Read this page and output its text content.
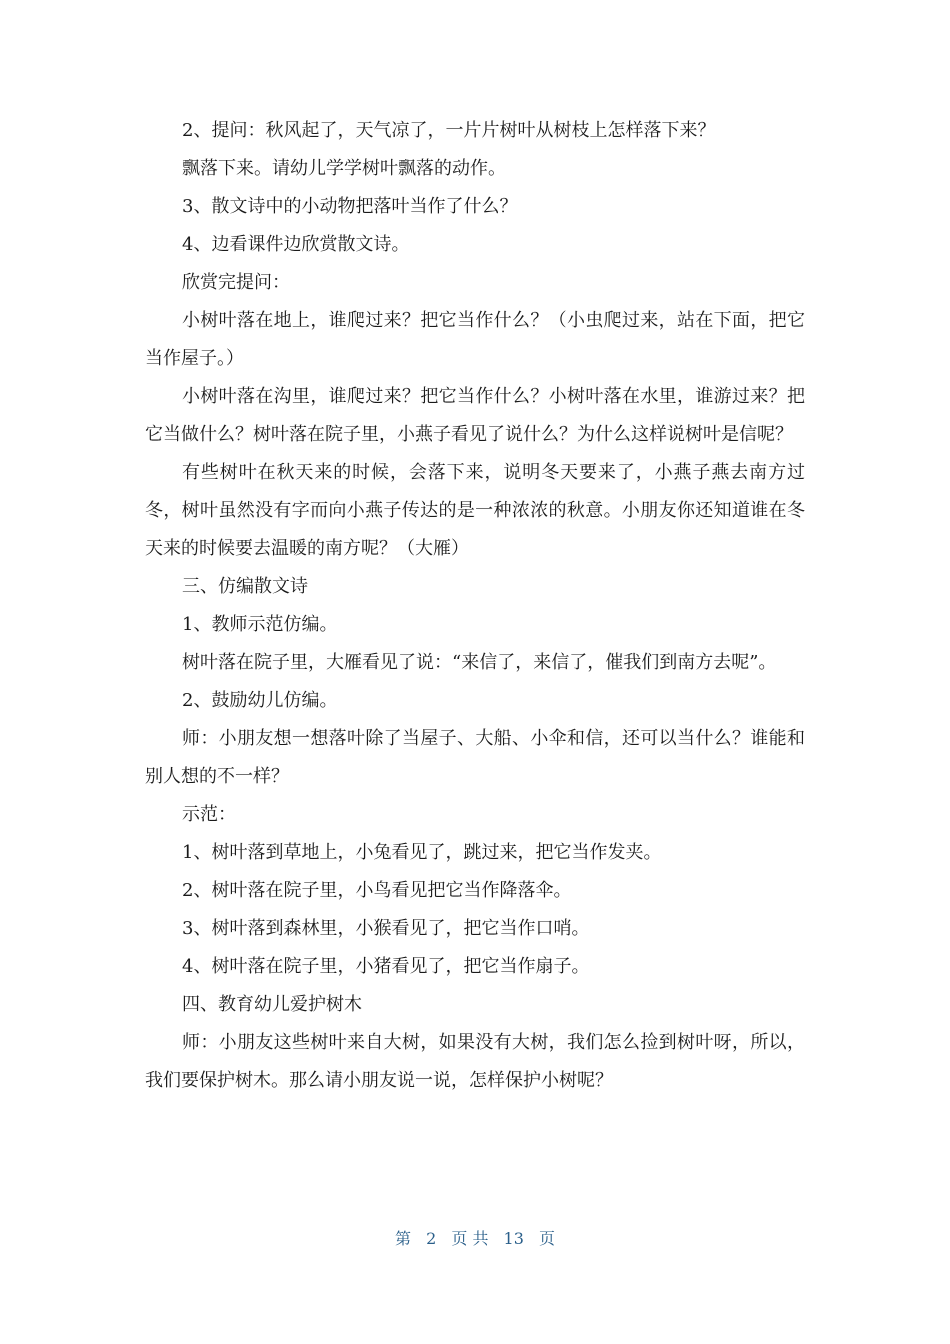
2、提问：秋风起了，天气凉了，一片片树叶从树枝上怎样落下来？

飘落下来。请幼儿学学树叶飘落的动作。

3、散文诗中的小动物把落叶当作了什么？

4、边看课件边欣赏散文诗。

欣赏完提问：

小树叶落在地上，谁爬过来？把它当作什么？（小虫爬过来，站在下面，把它当作屋子。）

小树叶落在沟里，谁爬过来？把它当作什么？小树叶落在水里，谁游过来？把它当做什么？树叶落在院子里，小燕子看见了说什么？为什么这样说树叶是信呢？

有些树叶在秋天来的时候，会落下来，说明冬天要来了，小燕子燕去南方过冬，树叶虽然没有字而向小燕子传达的是一种浓浓的秋意。小朋友你还知道谁在冬天来的时候要去温暖的南方呢？（大雁）

三、仿编散文诗

1、教师示范仿编。

树叶落在院子里，大雁看见了说：“来信了，来信了，催我们到南方去呢”。

2、鼓励幼儿仿编。

师：小朋友想一想落叶除了当屋子、大船、小伞和信，还可以当什么？谁能和别人想的不一样？

示范：

1、树叶落到草地上，小兔看见了，跳过来，把它当作发夹。

2、树叶落在院子里，小鸟看见把它当作降落伞。

3、树叶落到森林里，小猴看见了，把它当作口哨。

4、树叶落在院子里，小猪看见了，把它当作扇子。

四、教育幼儿爱护树木

师：小朋友这些树叶来自大树，如果没有大树，我们怎么捡到树叶呀，所以，我们要保护树木。那么请小朋友说一说，怎样保护小树呢？

第 2 页 共 13 页
